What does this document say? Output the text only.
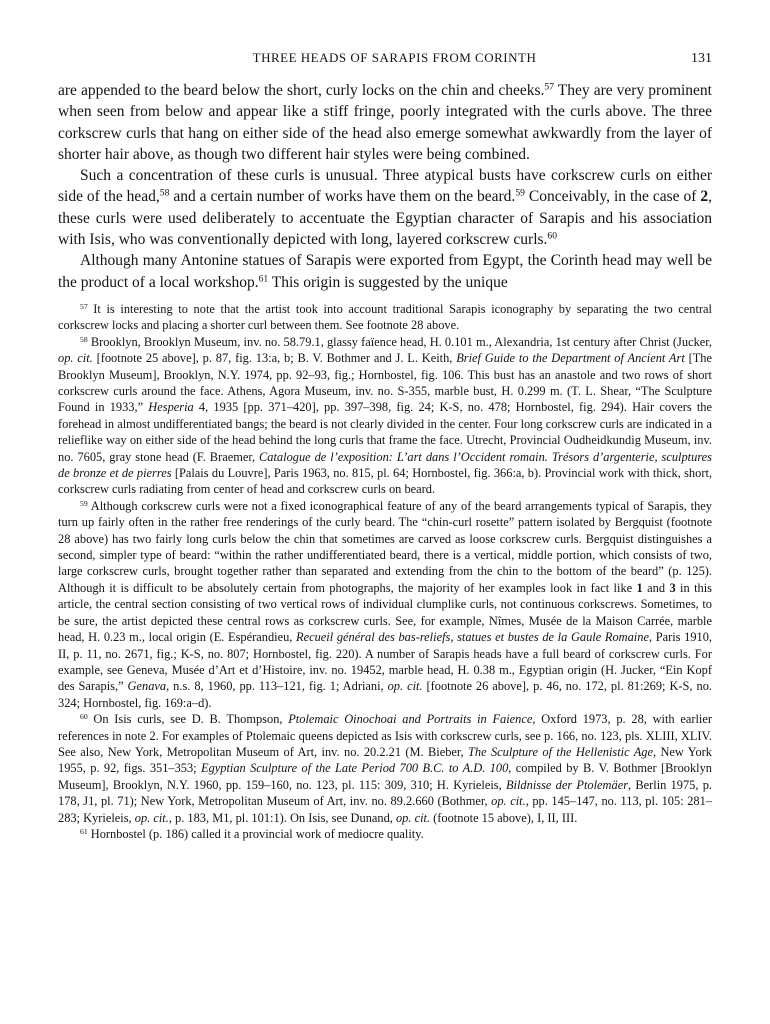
THREE HEADS OF SARAPIS FROM CORINTH	131

are appended to the beard below the short, curly locks on the chin and cheeks.$^{57}$ They are very prominent when seen from below and appear like a stiff fringe, poorly integrated with the curls above. The three corkscrew curls that hang on either side of the head also emerge somewhat awkwardly from the layer of shorter hair above, as though two different hair styles were being combined.

Such a concentration of these curls is unusual. Three atypical busts have corkscrew curls on either side of the head,$^{58}$ and a certain number of works have them on the beard.$^{59}$ Conceivably, in the case of 2, these curls were used deliberately to accentuate the Egyptian character of Sarapis and his association with Isis, who was conventionally depicted with long, layered corkscrew curls.$^{60}$

Although many Antonine statues of Sarapis were exported from Egypt, the Corinth head may well be the product of a local workshop.$^{61}$ This origin is suggested by the unique

$^{57}$ It is interesting to note that the artist took into account traditional Sarapis iconography by separating the two central corkscrew locks and placing a shorter curl between them. See footnote 28 above.

$^{58}$ Brooklyn, Brooklyn Museum, inv. no. 58.79.1, glassy faïence head, H. 0.101 m., Alexandria, 1st century after Christ (Jucker, op. cit. [footnote 25 above], p. 87, fig. 13:a, b; B. V. Bothmer and J. L. Keith, Brief Guide to the Department of Ancient Art [The Brooklyn Museum], Brooklyn, N.Y. 1974, pp. 92–93, fig.; Hornbostel, fig. 106. This bust has an anastole and two rows of short corkscrew curls around the face. Athens, Agora Museum, inv. no. S-355, marble bust, H. 0.299 m. (T. L. Shear, “The Sculpture Found in 1933,” Hesperia 4, 1935 [pp. 371–420], pp. 397–398, fig. 24; K-S, no. 478; Hornbostel, fig. 294). Hair covers the forehead in almost undifferentiated bangs; the beard is not clearly divided in the center. Four long corkscrew curls are indicated in a relieflike way on either side of the head behind the long curls that frame the face. Utrecht, Provincial Oudheidkundig Museum, inv. no. 7605, gray stone head (F. Braemer, Catalogue de l’exposition: L’art dans l’Occident romain. Trésors d’argenterie, sculptures de bronze et de pierres [Palais du Louvre], Paris 1963, no. 815, pl. 64; Hornbostel, fig. 366:a, b). Provincial work with thick, short, corkscrew curls radiating from center of head and corkscrew curls on beard.

$^{59}$ Although corkscrew curls were not a fixed iconographical feature of any of the beard arrangements typical of Sarapis, they turn up fairly often in the rather free renderings of the curly beard. The “chin-curl rosette” pattern isolated by Bergquist (footnote 28 above) has two fairly long curls below the chin that sometimes are carved as loose corkscrew curls. Bergquist distinguishes a second, simpler type of beard: “within the rather undifferentiated beard, there is a vertical, middle portion, which consists of two, large corkscrew curls, brought together rather than separated and extending from the chin to the bottom of the beard” (p. 125). Although it is difficult to be absolutely certain from photographs, the majority of her examples look in fact like 1 and 3 in this article, the central section consisting of two vertical rows of individual clumplike curls, not continuous corkscrews. Sometimes, to be sure, the artist depicted these central rows as corkscrew curls. See, for example, Nîmes, Musée de la Maison Carrée, marble head, H. 0.23 m., local origin (E. Espérandieu, Recueil général des bas-reliefs, statues et bustes de la Gaule Romaine, Paris 1910, II, p. 11, no. 2671, fig.; K-S, no. 807; Hornbostel, fig. 220). A number of Sarapis heads have a full beard of corkscrew curls. For example, see Geneva, Musée d’Art et d’Histoire, inv. no. 19452, marble head, H. 0.38 m., Egyptian origin (H. Jucker, “Ein Kopf des Sarapis,” Genava, n.s. 8, 1960, pp. 113–121, fig. 1; Adriani, op. cit. [footnote 26 above], p. 46, no. 172, pl. 81:269; K-S, no. 324; Hornbostel, fig. 169:a–d).

$^{60}$ On Isis curls, see D. B. Thompson, Ptolemaic Oinochoai and Portraits in Faience, Oxford 1973, p. 28, with earlier references in note 2. For examples of Ptolemaic queens depicted as Isis with corkscrew curls, see p. 166, no. 123, pls. XLIII, XLIV. See also, New York, Metropolitan Museum of Art, inv. no. 20.2.21 (M. Bieber, The Sculpture of the Hellenistic Age, New York 1955, p. 92, figs. 351–353; Egyptian Sculpture of the Late Period 700 B.C. to A.D. 100, compiled by B. V. Bothmer [Brooklyn Museum], Brooklyn, N.Y. 1960, pp. 159–160, no. 123, pl. 115: 309, 310; H. Kyrieleis, Bildnisse der Ptolemäer, Berlin 1975, p. 178, J1, pl. 71); New York, Metropolitan Museum of Art, inv. no. 89.2.660 (Bothmer, op. cit., pp. 145–147, no. 113, pl. 105: 281–283; Kyrieleis, op. cit., p. 183, M1, pl. 101:1). On Isis, see Dunand, op. cit. (footnote 15 above), I, II, III.

$^{61}$ Hornbostel (p. 186) called it a provincial work of mediocre quality.
